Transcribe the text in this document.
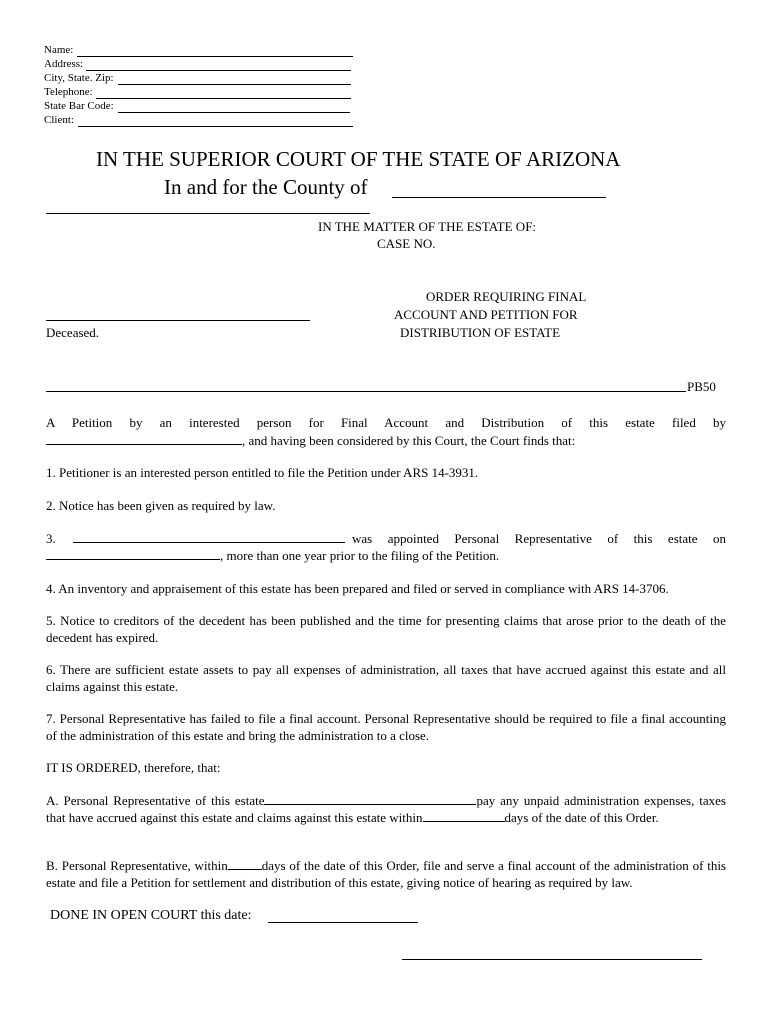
Name:
Address:
City, State. Zip:
Telephone:
State Bar Code:
Client:
IN THE SUPERIOR COURT OF THE STATE OF ARIZONA
In and for the County of
IN THE MATTER OF THE ESTATE OF:
CASE NO.
ORDER REQUIRING FINAL
ACCOUNT AND PETITION FOR
DISTRIBUTION OF ESTATE
Deceased.
PB50
A Petition by an interested person for Final Account and Distribution of this estate filed by
, and having been considered by this Court, the Court finds that:
1. Petitioner is an interested person entitled to file the Petition under ARS 14-3931.
2. Notice has been given as required by law.
3.	was appointed Personal Representative of this estate on
, more than one year prior to the filing of the Petition.
4. An inventory and appraisement of this estate has been prepared and filed or served in compliance with ARS 14-3706.
5. Notice to creditors of the decedent has been published and the time for presenting claims that arose prior to the death of the decedent has expired.
6. There are sufficient estate assets to pay all expenses of administration, all taxes that have accrued against this estate and all claims against this estate.
7. Personal Representative has failed to file a final account. Personal Representative should be required to file a final accounting of the administration of this estate and bring the administration to a close.
IT IS ORDERED, therefore, that:
A. Personal Representative of this estate	pay any unpaid administration expenses, taxes that have accrued against this estate and claims against this estate within	days of the date of this Order.
B. Personal Representative, within	days of the date of this Order, file and serve a final account of the administration of this estate and file a Petition for settlement and distribution of this estate, giving notice of hearing as required by law.
DONE IN OPEN COURT this date:
